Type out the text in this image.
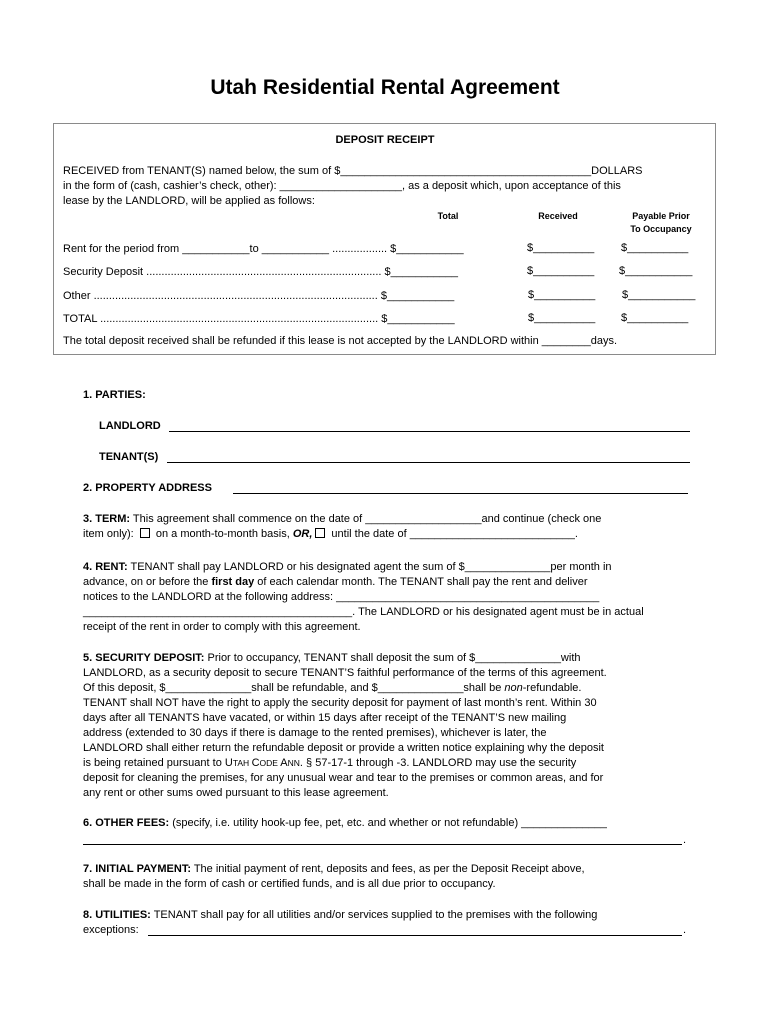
Utah Residential Rental Agreement
DEPOSIT RECEIPT
RECEIVED from TENANT(S) named below, the sum of $_________________________________________DOLLARS
in the form of (cash, cashier’s check, other): ____________________, as a deposit which, upon acceptance of this
lease by the LANDLORD, will be applied as follows:
Total	Received	Payable Prior
To Occupancy
Rent for the period from ___________to ___________ .................. $___________	$__________ $__________
Security Deposit ............................................................................. $___________	$__________ $___________
Other ............................................................................................. $___________	$__________ $___________
TOTAL ........................................................................................... $___________	$__________ $__________
The total deposit received shall be refunded if this lease is not accepted by the LANDLORD within ________days.
1. PARTIES:
LANDLORD
TENANT(S)
2. PROPERTY ADDRESS
3. TERM: This agreement shall commence on the date of ___________________and continue (check one
item only):  on a month-to-month basis, OR, until the date of ___________________________.
4. RENT: TENANT shall pay LANDLORD or his designated agent the sum of $______________per month in
advance, on or before the first day of each calendar month. The TENANT shall pay the rent and deliver
notices to the LANDLORD at the following address: ___________________________________________
____________________________________________. The LANDLORD or his designated agent must be in actual
receipt of the rent in order to comply with this agreement.
5. SECURITY DEPOSIT: Prior to occupancy, TENANT shall deposit the sum of $______________with
LANDLORD, as a security deposit to secure TENANT’S faithful performance of the terms of this agreement.
Of this deposit, $______________shall be refundable, and $______________shall be non-refundable.
TENANT shall NOT have the right to apply the security deposit for payment of last month’s rent. Within 30
days after all TENANTS have vacated, or within 15 days after receipt of the TENANT’S new mailing
address (extended to 30 days if there is damage to the rented premises), whichever is later, the
LANDLORD shall either return the refundable deposit or provide a written notice explaining why the deposit
is being retained pursuant to UTAH CODE ANN. § 57-17-1 through -3. LANDLORD may use the security
deposit for cleaning the premises, for any unusual wear and tear to the premises or common areas, and for
any rent or other sums owed pursuant to this lease agreement.
6. OTHER FEES: (specify, i.e. utility hook-up fee, pet, etc. and whether or not refundable) ______________
.
7. INITIAL PAYMENT: The initial payment of rent, deposits and fees, as per the Deposit Receipt above,
shall be made in the form of cash or certified funds, and is all due prior to occupancy.
8. UTILITIES: TENANT shall pay for all utilities and/or services supplied to the premises with the following
exceptions:	.
